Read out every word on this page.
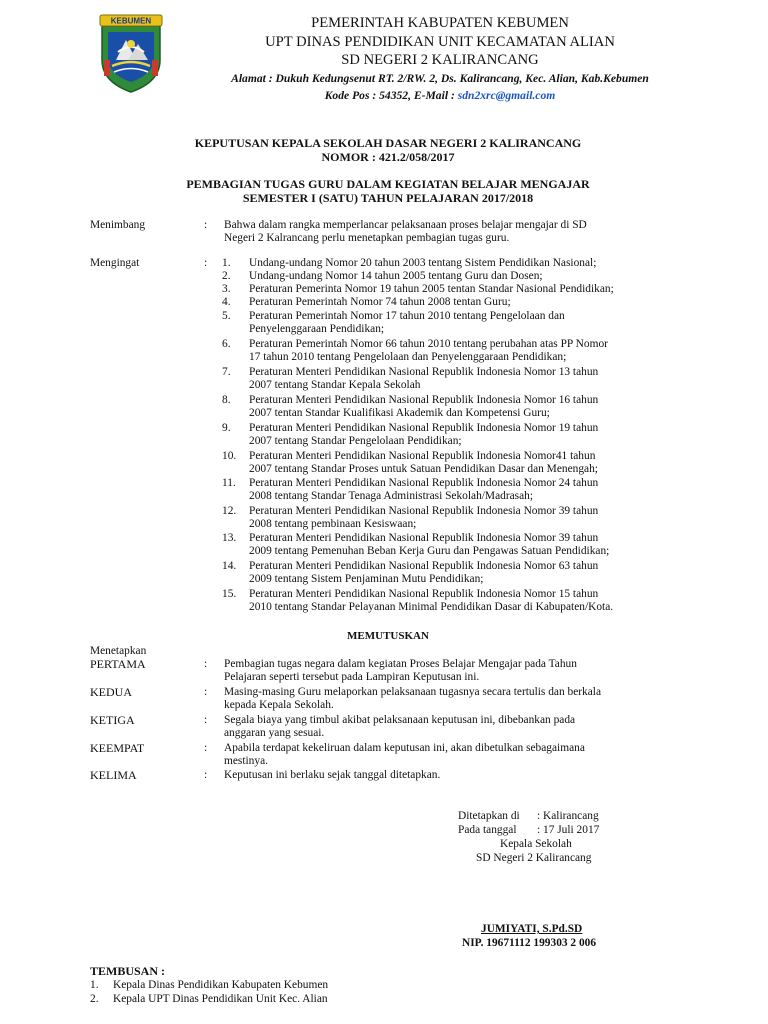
KEBUMEN	PEMERINTAH KABUPATEN KEBUMEN
UPT DINAS PENDIDIKAN UNIT KECAMATAN ALIAN
SD NEGERI 2 KALIRANCANG
Alamat : Dukuh Kedungsenut RT. 2/RW. 2, Ds. Kalirancang, Kec. Alian, Kab.Kebumen
Kode Pos : 54352, E-Mail : sdn2xrc@gmail.com
KEPUTUSAN KEPALA SEKOLAH DASAR NEGERI 2 KALIRANCANG
NOMOR : 421.2/058/2017
PEMBAGIAN TUGAS GURU DALAM KEGIATAN BELAJAR MENGAJAR
SEMESTER I (SATU) TAHUN PELAJARAN 2017/2018
Menimbang	: Bahwa dalam rangka memperlancar pelaksanaan proses belajar mengajar di SD
Negeri 2 Kalrancang perlu menetapkan pembagian tugas guru.
Mengingat	: 1.	Undang-undang Nomor 20 tahun 2003 tentang Sistem Pendidikan Nasional;
2.	Undang-undang Nomor 14 tahun 2005 tentang Guru dan Dosen;
3.	Peraturan Pemerinta Nomor 19 tahun 2005 tentan Standar Nasional Pendidikan;
4.	Peraturan Pemerintah Nomor 74 tahun 2008 tentan Guru;
5.	Peraturan Pemerintah Nomor 17 tahun 2010 tentang Pengelolaan dan
Penyelenggaraan Pendidikan;
6.	Peraturan Pemerintah Nomor 66 tahun 2010 tentang perubahan atas PP Nomor
17 tahun 2010 tentang Pengelolaan dan Penyelenggaraan Pendidikan;
7.	Peraturan Menteri Pendidikan Nasional Republik Indonesia Nomor 13 tahun
2007 tentang Standar Kepala Sekolah
8.	Peraturan Menteri Pendidikan Nasional Republik Indonesia Nomor 16 tahun
2007 tentan Standar Kualifikasi Akademik dan Kompetensi Guru;
9.	Peraturan Menteri Pendidikan Nasional Republik Indonesia Nomor 19 tahun
2007 tentang Standar Pengelolaan Pendidikan;
10.	Peraturan Menteri Pendidikan Nasional Republik Indonesia Nomor41 tahun
2007 tentang Standar Proses untuk Satuan Pendidikan Dasar dan Menengah;
11.	Peraturan Menteri Pendidikan Nasional Republik Indonesia Nomor 24 tahun
2008 tentang Standar Tenaga Administrasi Sekolah/Madrasah;
12.	Peraturan Menteri Pendidikan Nasional Republik Indonesia Nomor 39 tahun
2008 tentang pembinaan Kesiswaan;
13.	Peraturan Menteri Pendidikan Nasional Republik Indonesia Nomor 39 tahun
2009 tentang Pemenuhan Beban Kerja Guru dan Pengawas Satuan Pendidikan;
14.	Peraturan Menteri Pendidikan Nasional Republik Indonesia Nomor 63 tahun
2009 tentang Sistem Penjaminan Mutu Pendidikan;
15.	Peraturan Menteri Pendidikan Nasional Republik Indonesia Nomor 15 tahun
2010 tentang Standar Pelayanan Minimal Pendidikan Dasar di Kabupaten/Kota.
MEMUTUSKAN
Menetapkan
PERTAMA	: Pembagian tugas negara dalam kegiatan Proses Belajar Mengajar pada Tahun
Pelajaran seperti tersebut pada Lampiran Keputusan ini.
KEDUA	: Masing-masing Guru melaporkan pelaksanaan tugasnya secara tertulis dan berkala
kepada Kepala Sekolah.
KETIGA	: Segala biaya yang timbul akibat pelaksanaan keputusan ini, dibebankan pada
anggaran yang sesuai.
KEEMPAT	: Apabila terdapat kekeliruan dalam keputusan ini, akan dibetulkan sebagaimana
mestinya.
KELIMA	: Keputusan ini berlaku sejak tanggal ditetapkan.
Ditetapkan di : Kalirancang
Pada tanggal : 17 Juli 2017
Kepala Sekolah
SD Negeri 2 Kalirancang
JUMIYATI, S.Pd.SD
NIP. 19671112 199303 2 006
TEMBUSAN :
1. Kepala Dinas Pendidikan Kabupaten Kebumen
2. Kepala UPT Dinas Pendidikan Unit Kec. Alian
